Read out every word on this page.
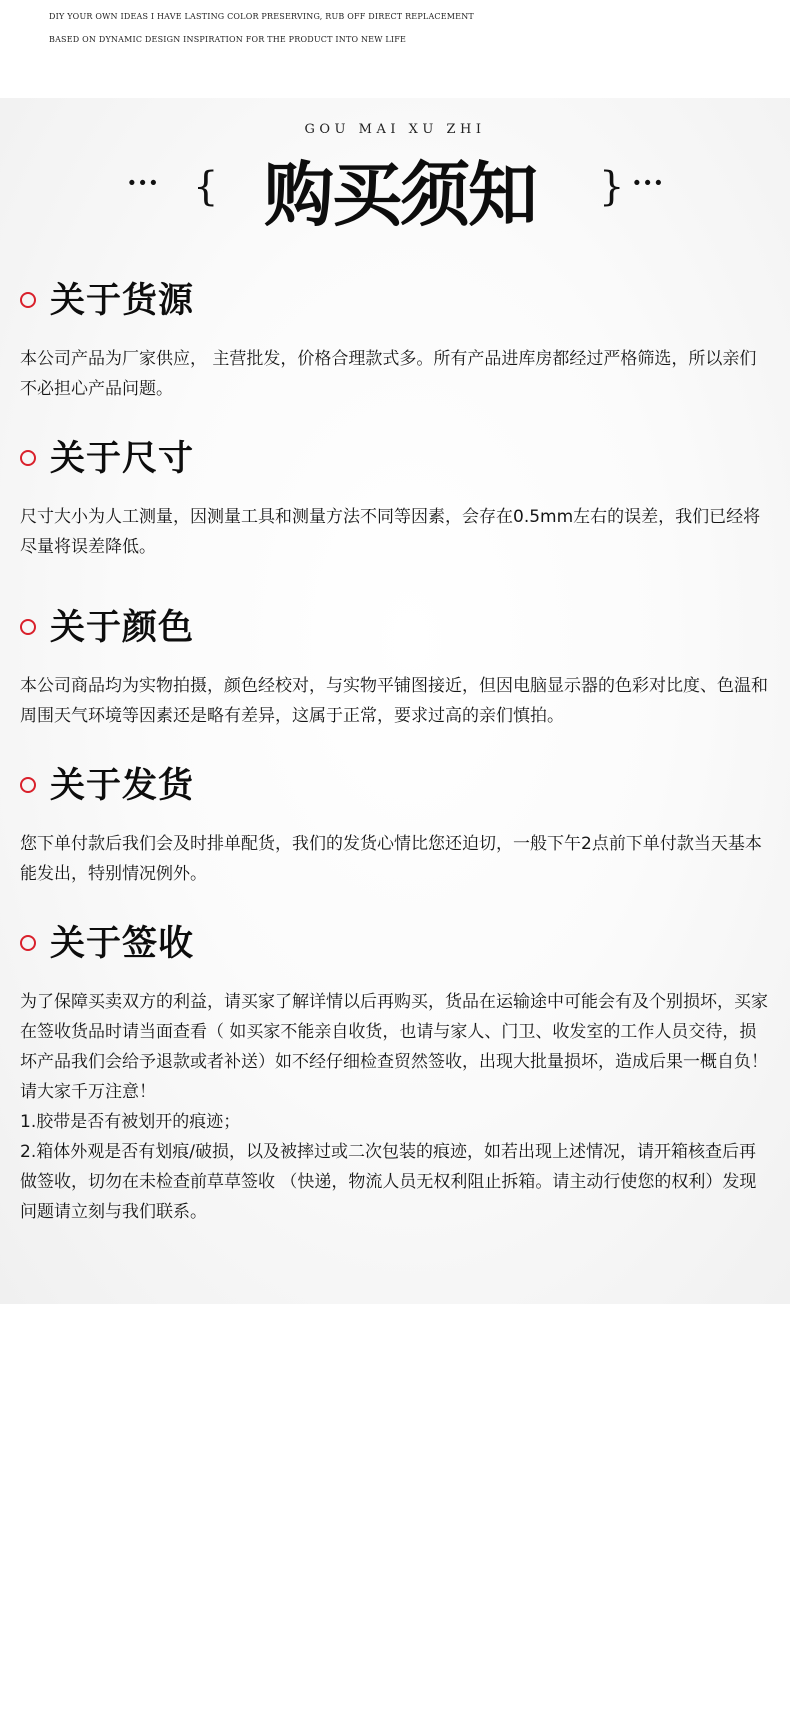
DIY YOUR OWN IDEAS I HAVE LASTING COLOR PRESERVING, RUB OFF DIRECT REPLACEMENT
BASED ON DYNAMIC DESIGN INSPIRATION FOR THE PRODUCT INTO NEW LIFE
GOU MAI XU ZHI
··· { 购买须知	} ···
关于货源

本公司产品为厂家供应， 主营批发，价格合理款式多。所有产品进库房都经过严格筛选，所以亲们不必担心产品问题。

关于尺寸

尺寸大小为人工测量，因测量工具和测量方法不同等因素，会存在0.5mm左右的误差，我们已经将尽量将误差降低。

关于颜色

本公司商品均为实物拍摄，颜色经校对，与实物平铺图接近，但因电脑显示器的色彩对比度、色温和周围天气环境等因素还是略有差异，这属于正常，要求过高的亲们慎拍。

关于发货

您下单付款后我们会及时排单配货，我们的发货心情比您还迫切，一般下午2点前下单付款当天基本能发出，特别情况例外。

关于签收

为了保障买卖双方的利益，请买家了解详情以后再购买，货品在运输途中可能会有及个别损坏，买家在签收货品时请当面查看（ 如买家不能亲自收货，也请与家人、门卫、收发室的工作人员交待，损坏产品我们会给予退款或者补送）如不经仔细检查贸然签收，出现大批量损坏，造成后果一概自负！请大家千万注意！

1.胶带是否有被划开的痕迹；

2.箱体外观是否有划痕/破损，以及被摔过或二次包装的痕迹，如若出现上述情况，请开箱核查后再做签收，切勿在未检查前草草签收 （快递，物流人员无权利阻止拆箱。请主动行使您的权利）发现问题请立刻与我们联系。
